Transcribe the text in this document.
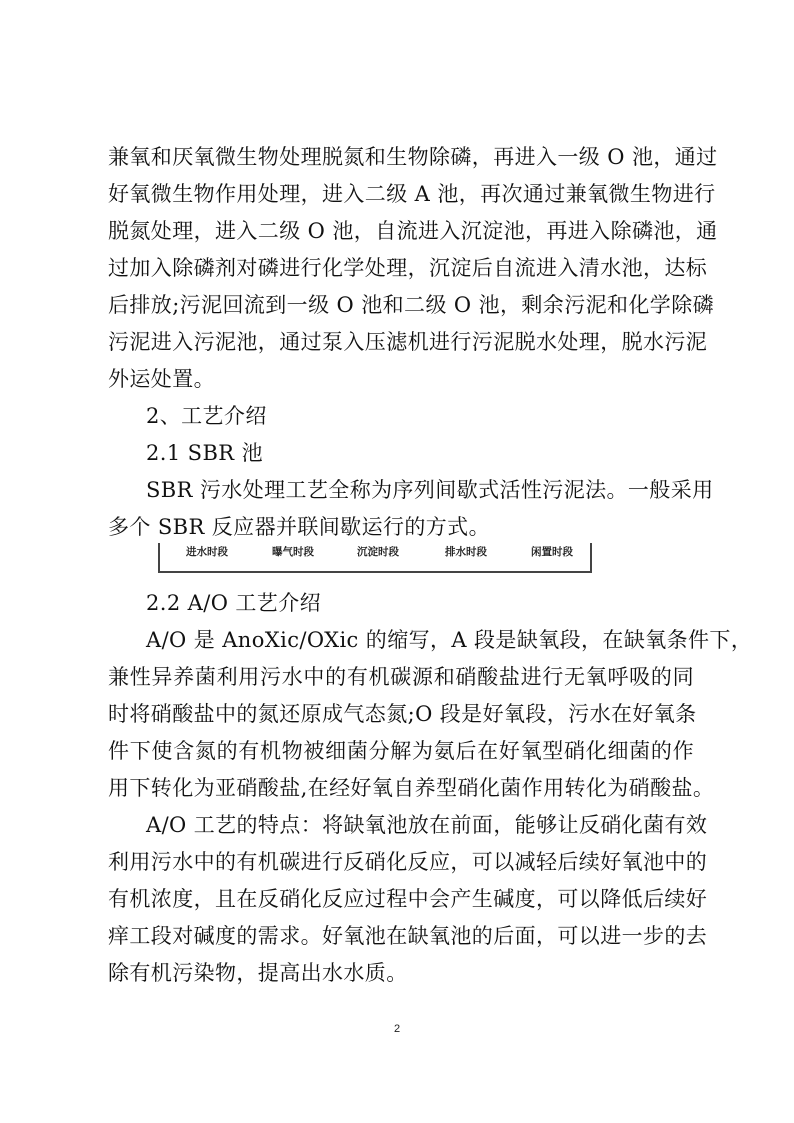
兼氧和厌氧微生物处理脱氮和生物除磷，再进入一级 O 池，通过
好氧微生物作用处理，进入二级 A 池，再次通过兼氧微生物进行
脱氮处理，进入二级 O 池，自流进入沉淀池，再进入除磷池，通
过加入除磷剂对磷进行化学处理，沉淀后自流进入清水池，达标
后排放;污泥回流到一级 O 池和二级 O 池，剩余污泥和化学除磷
污泥进入污泥池，通过泵入压滤机进行污泥脱水处理，脱水污泥
外运处置。
2、工艺介绍
2.1 SBR 池
SBR 污水处理工艺全称为序列间歇式活性污泥法。一般采用
多个 SBR 反应器并联间歇运行的方式。
进水时段	曝气时段	沉淀时段	排水时段	闲置时段
2.2 A/O 工艺介绍
A/O 是 AnoXic/OXic 的缩写，A 段是缺氧段，在缺氧条件下，
兼性异养菌利用污水中的有机碳源和硝酸盐进行无氧呼吸的同
时将硝酸盐中的氮还原成气态氮;O 段是好氧段，污水在好氧条
件下使含氮的有机物被细菌分解为氨后在好氧型硝化细菌的作
用下转化为亚硝酸盐,在经好氧自养型硝化菌作用转化为硝酸盐。
A/O 工艺的特点：将缺氧池放在前面，能够让反硝化菌有效
利用污水中的有机碳进行反硝化反应，可以减轻后续好氧池中的
有机浓度，且在反硝化反应过程中会产生碱度，可以降低后续好
痒工段对碱度的需求。好氧池在缺氧池的后面，可以进一步的去
除有机污染物，提高出水水质。
2
